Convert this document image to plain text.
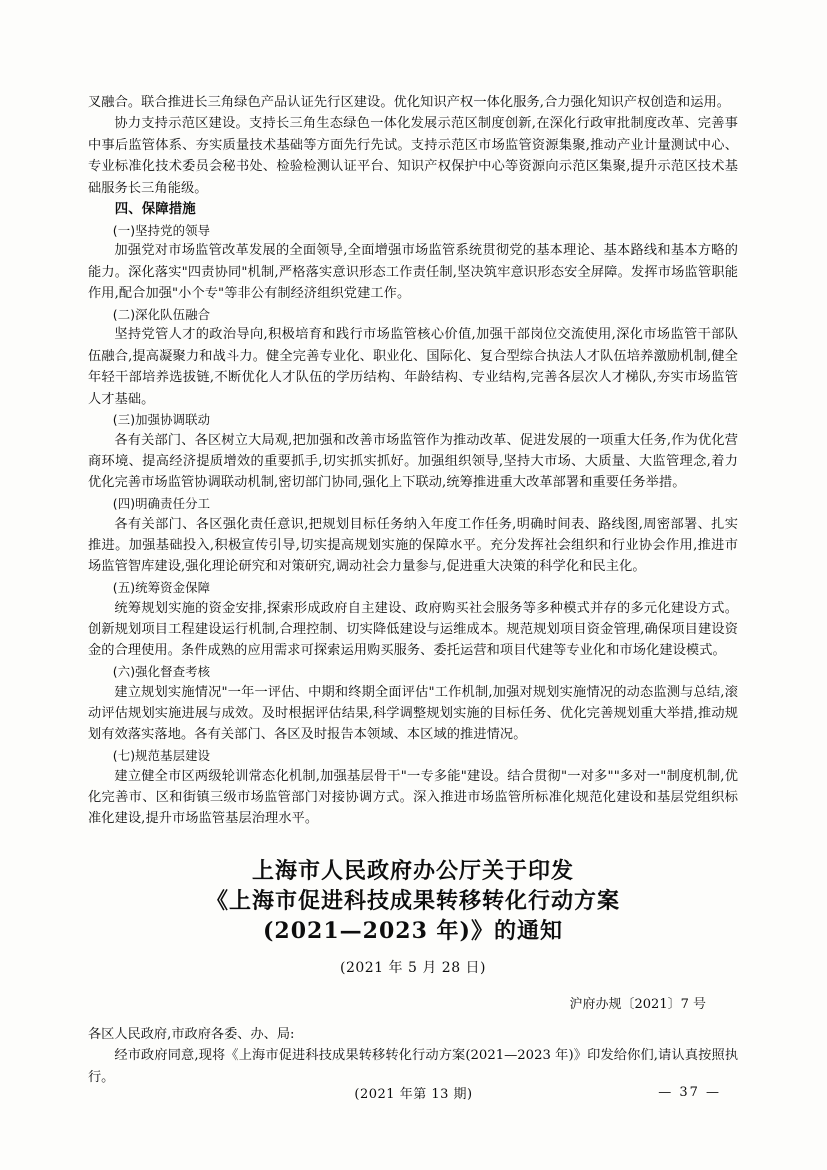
叉融合。联合推进长三角绿色产品认证先行区建设。优化知识产权一体化服务,合力强化知识产权创造和运用。

协力支持示范区建设。支持长三角生态绿色一体化发展示范区制度创新,在深化行政审批制度改革、完善事中事后监管体系、夯实质量技术基础等方面先行先试。支持示范区市场监管资源集聚,推动产业计量测试中心、专业标准化技术委员会秘书处、检验检测认证平台、知识产权保护中心等资源向示范区集聚,提升示范区技术基础服务长三角能级。

四、保障措施

(一)坚持党的领导

加强党对市场监管改革发展的全面领导,全面增强市场监管系统贯彻党的基本理论、基本路线和基本方略的能力。深化落实"四责协同"机制,严格落实意识形态工作责任制,坚决筑牢意识形态安全屏障。发挥市场监管职能作用,配合加强"小个专"等非公有制经济组织党建工作。

(二)深化队伍融合

坚持党管人才的政治导向,积极培育和践行市场监管核心价值,加强干部岗位交流使用,深化市场监管干部队伍融合,提高凝聚力和战斗力。健全完善专业化、职业化、国际化、复合型综合执法人才队伍培养激励机制,健全年轻干部培养选拔链,不断优化人才队伍的学历结构、年龄结构、专业结构,完善各层次人才梯队,夯实市场监管人才基础。

(三)加强协调联动

各有关部门、各区树立大局观,把加强和改善市场监管作为推动改革、促进发展的一项重大任务,作为优化营商环境、提高经济提质增效的重要抓手,切实抓实抓好。加强组织领导,坚持大市场、大质量、大监管理念,着力优化完善市场监管协调联动机制,密切部门协同,强化上下联动,统筹推进重大改革部署和重要任务举措。

(四)明确责任分工

各有关部门、各区强化责任意识,把规划目标任务纳入年度工作任务,明确时间表、路线图,周密部署、扎实推进。加强基础投入,积极宣传引导,切实提高规划实施的保障水平。充分发挥社会组织和行业协会作用,推进市场监管智库建设,强化理论研究和对策研究,调动社会力量参与,促进重大决策的科学化和民主化。

(五)统筹资金保障

统筹规划实施的资金安排,探索形成政府自主建设、政府购买社会服务等多种模式并存的多元化建设方式。创新规划项目工程建设运行机制,合理控制、切实降低建设与运维成本。规范规划项目资金管理,确保项目建设资金的合理使用。条件成熟的应用需求可探索运用购买服务、委托运营和项目代建等专业化和市场化建设模式。

(六)强化督查考核

建立规划实施情况"一年一评估、中期和终期全面评估"工作机制,加强对规划实施情况的动态监测与总结,滚动评估规划实施进展与成效。及时根据评估结果,科学调整规划实施的目标任务、优化完善规划重大举措,推动规划有效落实落地。各有关部门、各区及时报告本领域、本区域的推进情况。

(七)规范基层建设

建立健全市区两级轮训常态化机制,加强基层骨干"一专多能"建设。结合贯彻"一对多""多对一"制度机制,优化完善市、区和街镇三级市场监管部门对接协调方式。深入推进市场监管所标准化规范化建设和基层党组织标准化建设,提升市场监管基层治理水平。

上海市人民政府办公厅关于印发
《上海市促进科技成果转移转化行动方案
(2021—2023 年)》的通知
(2021 年 5 月 28 日)
沪府办规〔2021〕7 号
各区人民政府,市政府各委、办、局:
经市政府同意,现将《上海市促进科技成果转移转化行动方案(2021—2023 年)》印发给你们,请认真按照执行。
(2021 年第 13 期)	— 37 —
